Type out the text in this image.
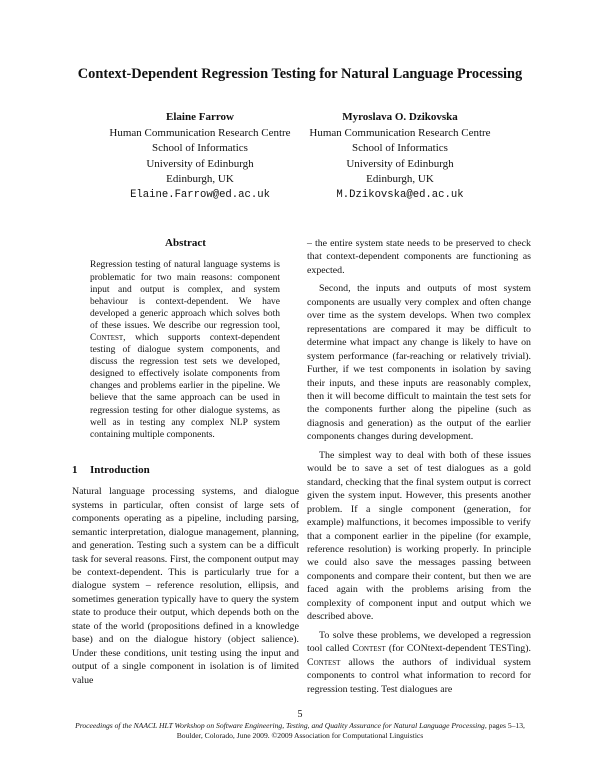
Context-Dependent Regression Testing for Natural Language Processing
Elaine Farrow
Human Communication Research Centre
School of Informatics
University of Edinburgh
Edinburgh, UK
Elaine.Farrow@ed.ac.uk
Myroslava O. Dzikovska
Human Communication Research Centre
School of Informatics
University of Edinburgh
Edinburgh, UK
M.Dzikovska@ed.ac.uk
Abstract

Regression testing of natural language systems is problematic for two main reasons: component input and output is complex, and system behaviour is context-dependent. We have developed a generic approach which solves both of these issues. We describe our regression tool, Contest, which supports context-dependent testing of dialogue system components, and discuss the regression test sets we developed, designed to effectively isolate components from changes and problems earlier in the pipeline. We believe that the same approach can be used in regression testing for other dialogue systems, as well as in testing any complex NLP system containing multiple components.

1 Introduction

Natural language processing systems, and dialogue systems in particular, often consist of large sets of components operating as a pipeline, including parsing, semantic interpretation, dialogue management, planning, and generation. Testing such a system can be a difficult task for several reasons. First, the component output may be context-dependent. This is particularly true for a dialogue system – reference resolution, ellipsis, and sometimes generation typically have to query the system state to produce their output, which depends both on the state of the world (propositions defined in a knowledge base) and on the dialogue history (object salience). Under these conditions, unit testing using the input and output of a single component in isolation is of limited value

– the entire system state needs to be preserved to check that context-dependent components are functioning as expected.

Second, the inputs and outputs of most system components are usually very complex and often change over time as the system develops. When two complex representations are compared it may be difficult to determine what impact any change is likely to have on system performance (far-reaching or relatively trivial). Further, if we test components in isolation by saving their inputs, and these inputs are reasonably complex, then it will become difficult to maintain the test sets for the components further along the pipeline (such as diagnosis and generation) as the output of the earlier components changes during development.

The simplest way to deal with both of these issues would be to save a set of test dialogues as a gold standard, checking that the final system output is correct given the system input. However, this presents another problem. If a single component (generation, for example) malfunctions, it becomes impossible to verify that a component earlier in the pipeline (for example, reference resolution) is working properly. In principle we could also save the messages passing between components and compare their content, but then we are faced again with the problems arising from the complexity of component input and output which we described above.

To solve these problems, we developed a regression tool called Contest (for CONtext-dependent TESTing). Contest allows the authors of individual system components to control what information to record for regression testing. Test dialogues are

5
Proceedings of the NAACL HLT Workshop on Software Engineering, Testing, and Quality Assurance for Natural Language Processing, pages 5–13,
Boulder, Colorado, June 2009. ©2009 Association for Computational Linguistics
